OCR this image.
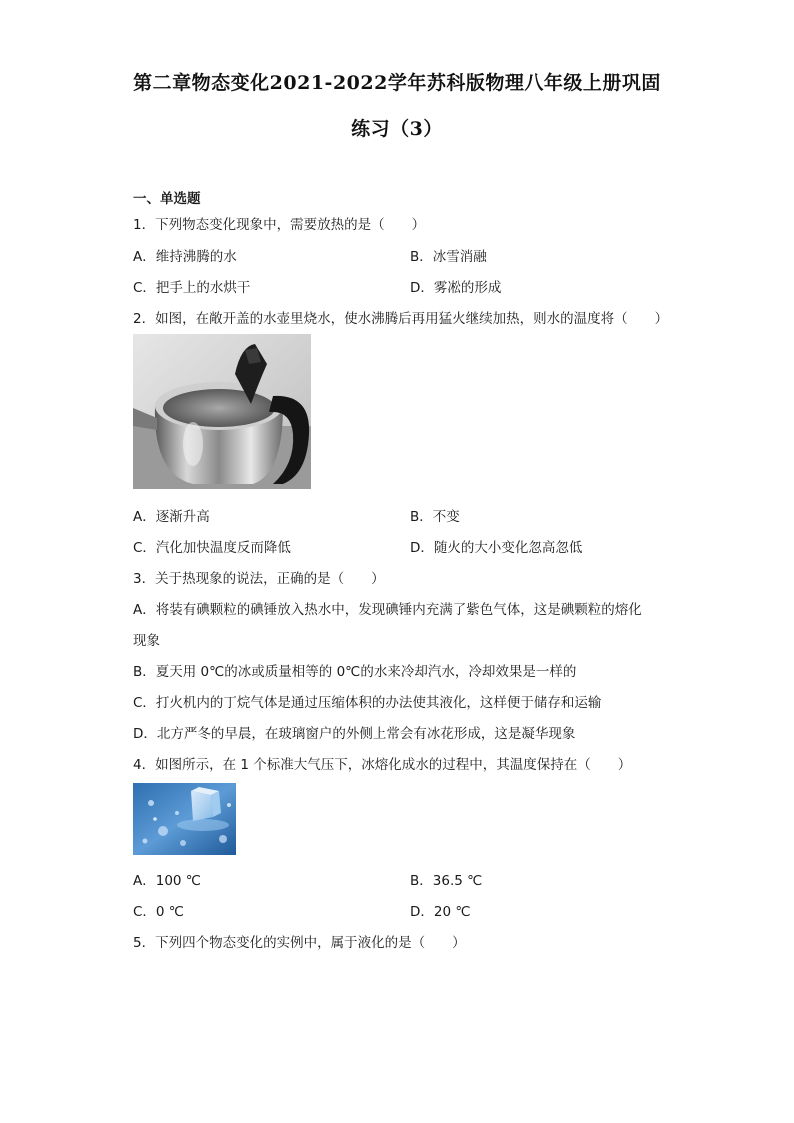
第二章物态变化2021-2022学年苏科版物理八年级上册巩固
练习（3）
一、单选题
1．下列物态变化现象中，需要放热的是（　　）
A．维持沸腾的水	B．冰雪消融
C．把手上的水烘干	D．雾凇的形成
2．如图，在敞开盖的水壶里烧水，使水沸腾后再用猛火继续加热，则水的温度将（　　）
A．逐渐升高	B．不变
C．汽化加快温度反而降低	D．随火的大小变化忽高忽低
3．关于热现象的说法，正确的是（　　）
A．将装有碘颗粒的碘锤放入热水中，发现碘锤内充满了紫色气体，这是碘颗粒的熔化
现象
B．夏天用 0℃的冰或质量相等的 0℃的水来冷却汽水，冷却效果是一样的
C．打火机内的丁烷气体是通过压缩体积的办法使其液化，这样便于储存和运输
D．北方严冬的早晨，在玻璃窗户的外侧上常会有冰花形成，这是凝华现象
4．如图所示，在 1 个标准大气压下，冰熔化成水的过程中，其温度保持在（　　）
A．100 ℃	B．36.5 ℃
C．0 ℃	D．20 ℃
5．下列四个物态变化的实例中，属于液化的是（　　）
